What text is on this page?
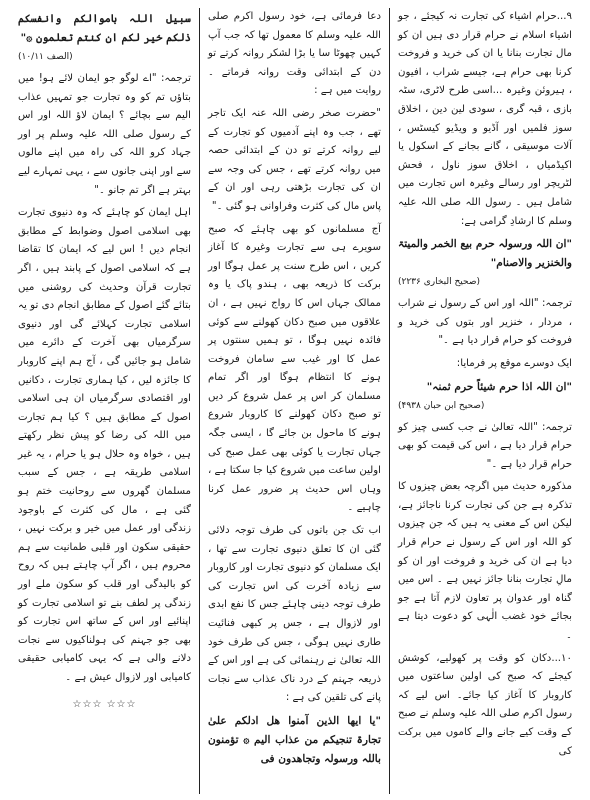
۹...حرام اشیاء کی تجارت نہ کیجئے ، جو اشیاء اسلام نے حرام قرار دی ہیں ان کو مال تجارت بنانا یا ان کی خرید و فروخت کرنا بھی حرام ہے، جیسے شراب ، افیون ، ہیروئن وغیرہ ...اسی طرح لاٹری، سٹہ بازی ، قبہ گری ، سودی لین دین ، اخلاق سوز فلمیں اور آڈیو و ویڈیو کیسٹس ، آلات موسیقی ، گانے بجانے کے اسکول یا اکیڈمیاں ، اخلاق سوز ناول ، فحش لٹریچر اور رسالے وغیرہ اس تجارت میں شامل ہیں ۔ رسول اللہ صلی اللہ علیہ وسلم کا ارشادِ گرامی ہے:

"ان اللہ ورسولہ حرم بیع الخمر والمیتۃ والخنزیر والاصنام"

(صحیح البخاری ۲۲۳۶)

ترجمہ: "اللہ اور اس کے رسول نے شراب ، مردار ، خنزیر اور بتوں کی خرید و فروخت کو حرام قرار دیا ہے ۔"

ایک دوسرے موقع پر فرمایا:

"ان اللہ اذا حرم شیئاً حرم ثمنہ"

(صحیح ابن حبان ۴۹۳۸)

ترجمہ: "اللہ تعالیٰ نے جب کسی چیز کو حرام قرار دیا ہے ، اس کی قیمت کو بھی حرام قرار دیا ہے ۔"

مذکورہ حدیث میں اگرچہ بعض چیزوں کا تذکرہ ہے جن کی تجارت کرنا ناجائز ہے، لیکن اس کے معنی یہ ہیں کہ جن چیزوں کو اللہ اور اس کے رسول نے حرام قرار دیا ہے ان کی خرید و فروخت اور ان کو مالِ تجارت بنانا جائز نہیں ہے ۔ اس میں گناہ اور عدوان پر تعاون لازم آتا ہے جو بجائے خود غضب الٰہی کو دعوت دیتا ہے ۔

۱۰...دکان کو وقت پر کھولیے، کوشش کیجئے کہ صبح کی اولین ساعتوں میں کاروبار کا آغاز کیا جائے۔ اس لیے کہ رسول اکرم صلی اللہ علیہ وسلم نے صبح کے وقت کیے جانے والے کاموں میں برکت کی

دعا فرمائی ہے، خود رسول اکرم صلی اللہ علیہ وسلم کا معمول تھا کہ جب آپ کہیں چھوٹا سا یا بڑا لشکر روانہ کرتے تو دن کے ابتدائی وقت روانہ فرماتے ۔ روایت میں ہے :

"حضرت صخر رضی اللہ عنہ ایک تاجر تھے ، جب وہ اپنے آدمیوں کو تجارت کے لیے روانہ کرتے تو دن کے ابتدائی حصہ میں روانہ کرتے تھے ، جس کی وجہ سے ان کی تجارت بڑھتی رہی اور ان کے پاس مال کی کثرت وفراوانی ہو گئی ۔"

آج مسلمانوں کو بھی چاہئے کہ صبح سویرے ہی سے تجارت وغیرہ کا آغاز کریں ، اس طرح سنت پر عمل ہوگا اور برکت کا ذریعہ بھی ، ہندو پاک یا وہ ممالک جہاں اس کا رواج نہیں ہے ، ان علاقوں میں صبح دکان کھولنے سے کوئی فائدہ نہیں ہوگا ، تو ہمیں سنتوں پر عمل کا اور غیب سے سامان فروخت ہونے کا انتظام ہوگا اور اگر تمام مسلمان کر اس پر عمل شروع کر دیں تو صبح دکان کھولنے کا کاروبار شروع ہونے کا ماحول بن جائے گا ، ایسی جگہ جہاں تجارت یا کوئی بھی عمل صبح کی اولین ساعت میں شروع کیا جا سکتا ہے ، وہاں اس حدیث پر ضرور عمل کرنا چاہیے ۔

اب تک جن باتوں کی طرف توجہ دلائی گئی ان کا تعلق دنیوی تجارت سے تھا ، ایک مسلمان کو دنیوی تجارت اور کاروبار سے زیادہ آخرت کی اس تجارت کی طرف توجہ دینی چاہئے جس کا نفع ابدی اور لازوال ہے ، جس پر کبھی فنائیت طاری نہیں ہوگی ، جس کی طرف خود اللہ تعالیٰ نے رہنمائی کی ہے اور اس کے ذریعہ جہنم کے درد ناک عذاب سے نجات پانے کی تلقین کی ہے :

"یا ایھا الذین آمنوا ھل ادلکم علیٰ تجارۃ تنجیکم من عذاب الیم ۞ تؤمنون باللہ ورسولہ وتجاھدون فی

سبیل اللہ باموالکم وانفسکم ذلکم خیر لکم ان کنتم تعلمون ۞"

(الصف ۱۰/۱۱)

ترجمہ: "اے لوگو جو ایمان لائے ہو! میں بتاؤں تم کو وہ تجارت جو تمہیں عذاب الیم سے بچائے ؟ ایمان لاؤ اللہ اور اس کے رسول صلی اللہ علیہ وسلم پر اور جہاد کرو اللہ کی راہ میں اپنے مالوں سے اور اپنی جانوں سے ، یہی تمہارے لیے بہتر ہے اگر تم جانو ۔"

اہل ایمان کو چاہئے کہ وہ دنیوی تجارت بھی اسلامی اصول وضوابط کے مطابق انجام دیں ! اس لیے کہ ایمان کا تقاضا ہے کہ اسلامی اصول کے پابند ہیں ، اگر تجارت قرآن وحدیث کی روشنی میں بتائے گئے اصول کے مطابق انجام دی تو یہ اسلامی تجارت کہلائے گی اور دنیوی سرگرمیاں بھی آخرت کے دائرے میں شامل ہو جائیں گی ، آج ہم اپنے کاروبار کا جائزہ لیں ، کیا ہماری تجارت ، دکانیں اور اقتصادی سرگرمیاں ان ہی اسلامی اصول کے مطابق ہیں ؟ کیا ہم تجارت میں اللہ کی رضا کو پیش نظر رکھتے ہیں ، خواہ وہ حلال ہو یا حرام ، یہ غیر اسلامی طریقہ ہے ، جس کے سبب مسلمان گھروں سے روحانیت ختم ہو گئی ہے ، مال کی کثرت کے باوجود زندگی اور عمل میں خیر و برکت نہیں ، حقیقی سکون اور قلبی طمانیت سے ہم محروم ہیں ، اگر آپ چاہتے ہیں کہ روح کو بالیدگی اور قلب کو سکون ملے اور زندگی پر لطف بنے تو اسلامی تجارت کو اپنائیے اور اس کے ساتھ اس تجارت کو بھی جو جہنم کی ہولناکیوں سے نجات دلانے والی ہے کہ یہی کامیابی حقیقی کامیابی اور لازوال عیش ہے ۔

☆☆☆ ☆☆☆
